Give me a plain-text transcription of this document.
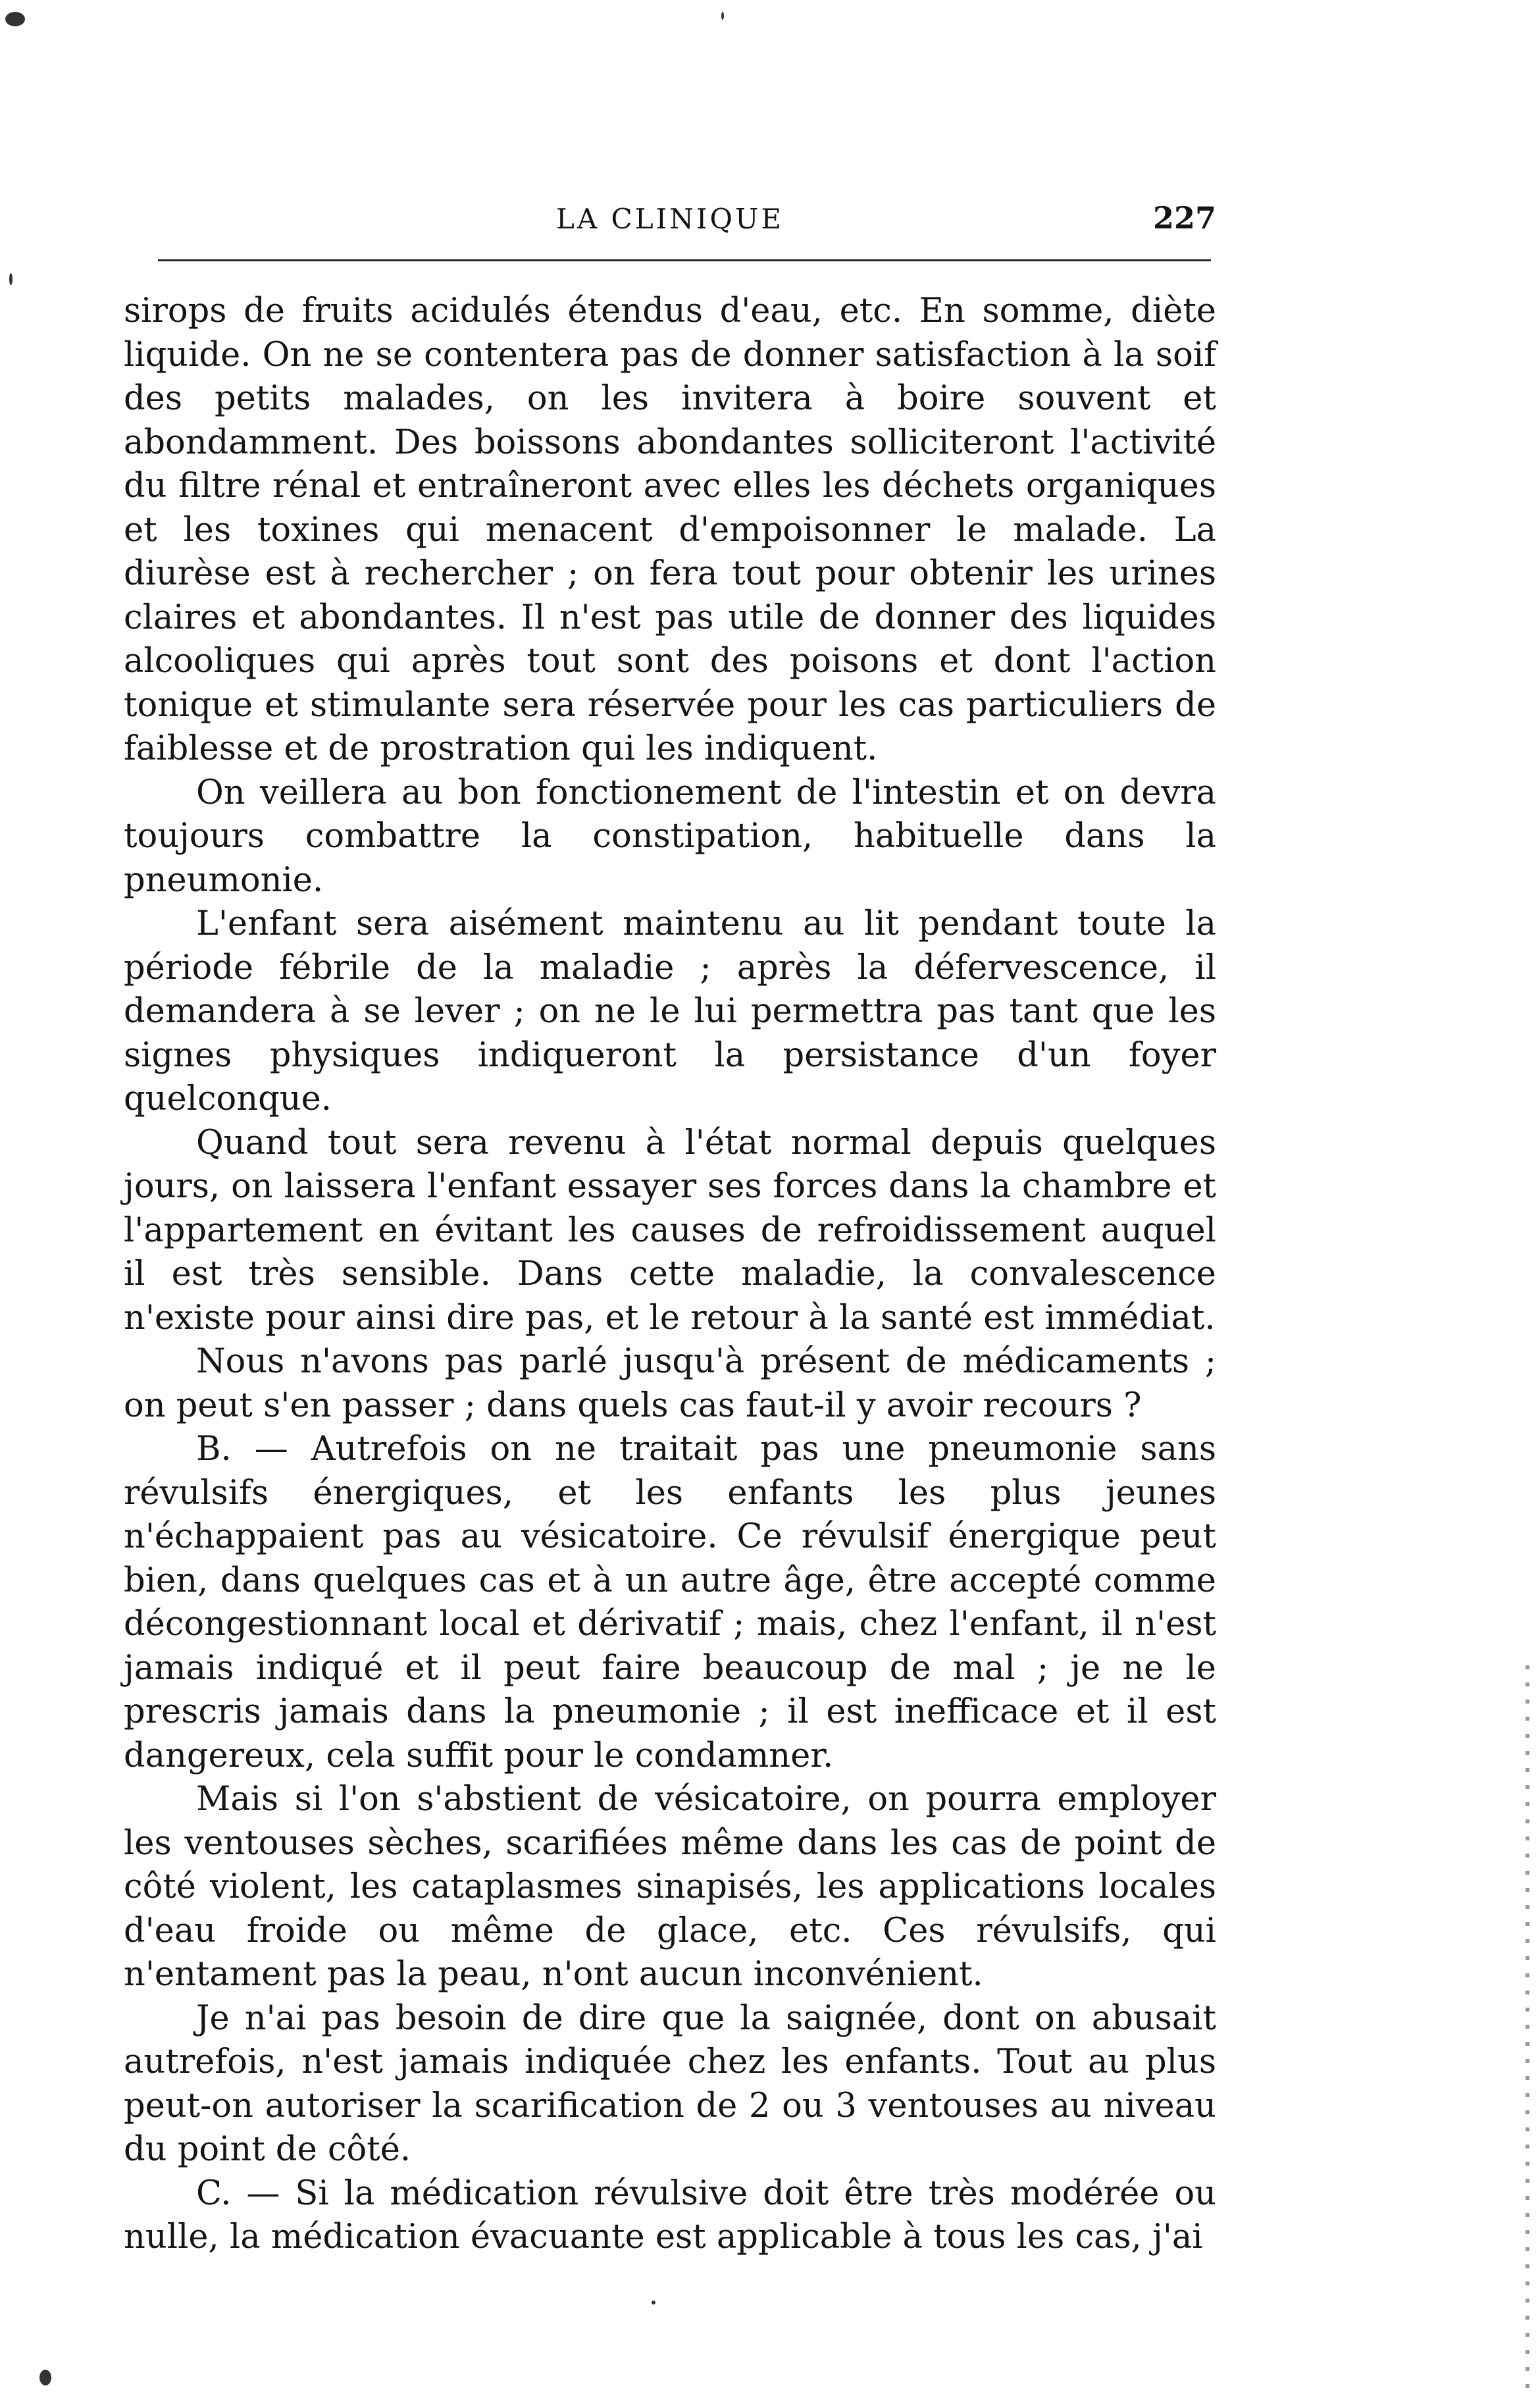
LA CLINIQUE	227

sirops de fruits acidulés étendus d'eau, etc. En somme, diète liquide. On ne se contentera pas de donner satisfaction à la soif des petits malades, on les invitera à boire souvent et abondamment. Des boissons abondantes solliciteront l'activité du filtre rénal et entraîneront avec elles les déchets organiques et les toxines qui menacent d'empoisonner le malade. La diurèse est à rechercher ; on fera tout pour obtenir les urines claires et abondantes. Il n'est pas utile de donner des liquides alcooliques qui après tout sont des poisons et dont l'action tonique et stimulante sera réservée pour les cas particuliers de faiblesse et de prostration qui les indiquent.

On veillera au bon fonctionement de l'intestin et on devra toujours combattre la constipation, habituelle dans la pneumonie.

L'enfant sera aisément maintenu au lit pendant toute la période fébrile de la maladie ; après la défervescence, il demandera à se lever ; on ne le lui permettra pas tant que les signes physiques indiqueront la persistance d'un foyer quelconque.

Quand tout sera revenu à l'état normal depuis quelques jours, on laissera l'enfant essayer ses forces dans la chambre et l'appartement en évitant les causes de refroidissement auquel il est très sensible. Dans cette maladie, la convalescence n'existe pour ainsi dire pas, et le retour à la santé est immédiat.

Nous n'avons pas parlé jusqu'à présent de médicaments ; on peut s'en passer ; dans quels cas faut-il y avoir recours ?

B. — Autrefois on ne traitait pas une pneumonie sans révulsifs énergiques, et les enfants les plus jeunes n'échappaient pas au vésicatoire. Ce révulsif énergique peut bien, dans quelques cas et à un autre âge, être accepté comme décongestionnant local et dérivatif ; mais, chez l'enfant, il n'est jamais indiqué et il peut faire beaucoup de mal ; je ne le prescris jamais dans la pneumonie ; il est inefficace et il est dangereux, cela suffit pour le condamner.

Mais si l'on s'abstient de vésicatoire, on pourra employer les ventouses sèches, scarifiées même dans les cas de point de côté violent, les cataplasmes sinapisés, les applications locales d'eau froide ou même de glace, etc. Ces révulsifs, qui n'entament pas la peau, n'ont aucun inconvénient.

Je n'ai pas besoin de dire que la saignée, dont on abusait autrefois, n'est jamais indiquée chez les enfants. Tout au plus peut-on autoriser la scarification de 2 ou 3 ventouses au niveau du point de côté.

C. — Si la médication révulsive doit être très modérée ou nulle, la médication évacuante est applicable à tous les cas, j'ai
